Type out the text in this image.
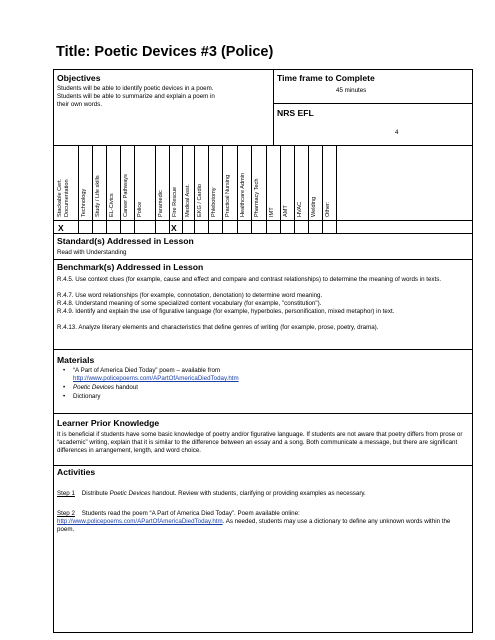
Title: Poetic Devices #3 (Police)
Objectives
Students will be able to identify poetic devices in a poem.
Students will be able to summarize and explain a poem in
their own words.
Time frame to Complete
45 minutes
NRS EFL
4
X	X
Standard(s) Addressed in Lesson
Read with Understanding
Benchmark(s) Addressed in Lesson
R.4.5. Use context clues (for example, cause and effect and compare and contrast relationships) to determine the meaning of words in texts.
R.4.7. Use word relationships (for example, connotation, denotation) to determine word meaning.
R.4.8. Understand meaning of some specialized content vocabulary (for example, "constitution").
R.4.9. Identify and explain the use of figurative language (for example, hyperboles, personification, mixed metaphor) in text.
R.4.13. Analyze literary elements and characteristics that define genres of writing (for example, prose, poetry, drama).
Materials
• “A Part of America Died Today” poem – available from
http://www.policepoems.com/APartOfAmericaDiedToday.htm
• Poetic Devices handout
• Dictionary
Learner Prior Knowledge
It is beneficial if students have some basic knowledge of poetry and/or figurative language. If students are not aware that poetry differs from prose or “academic” writing, explain that it is similar to the difference between an essay and a song. Both communicate a message, but there are significant differences in arrangement, length, and word choice.
Activities
Step 1 Distribute Poetic Devices handout. Review with students, clarifying or providing examples as necessary.
Step 2 Students read the poem “A Part of America Died Today”. Poem available online:
http://www.policepoems.com/APartOfAmericaDiedToday.htm. As needed, students may use a dictionary to define any unknown words within the poem.
Stackable Cert. Documentation Technology Study / Life skills EL-Civics Career Pathways Police	Paramedic Fire Rescue Medical Asst. EKG / Cardio Phlebotomy Practical Nursing Healthcare Admin Pharmacy Tech IMT AMT HVAC Welding Other:
